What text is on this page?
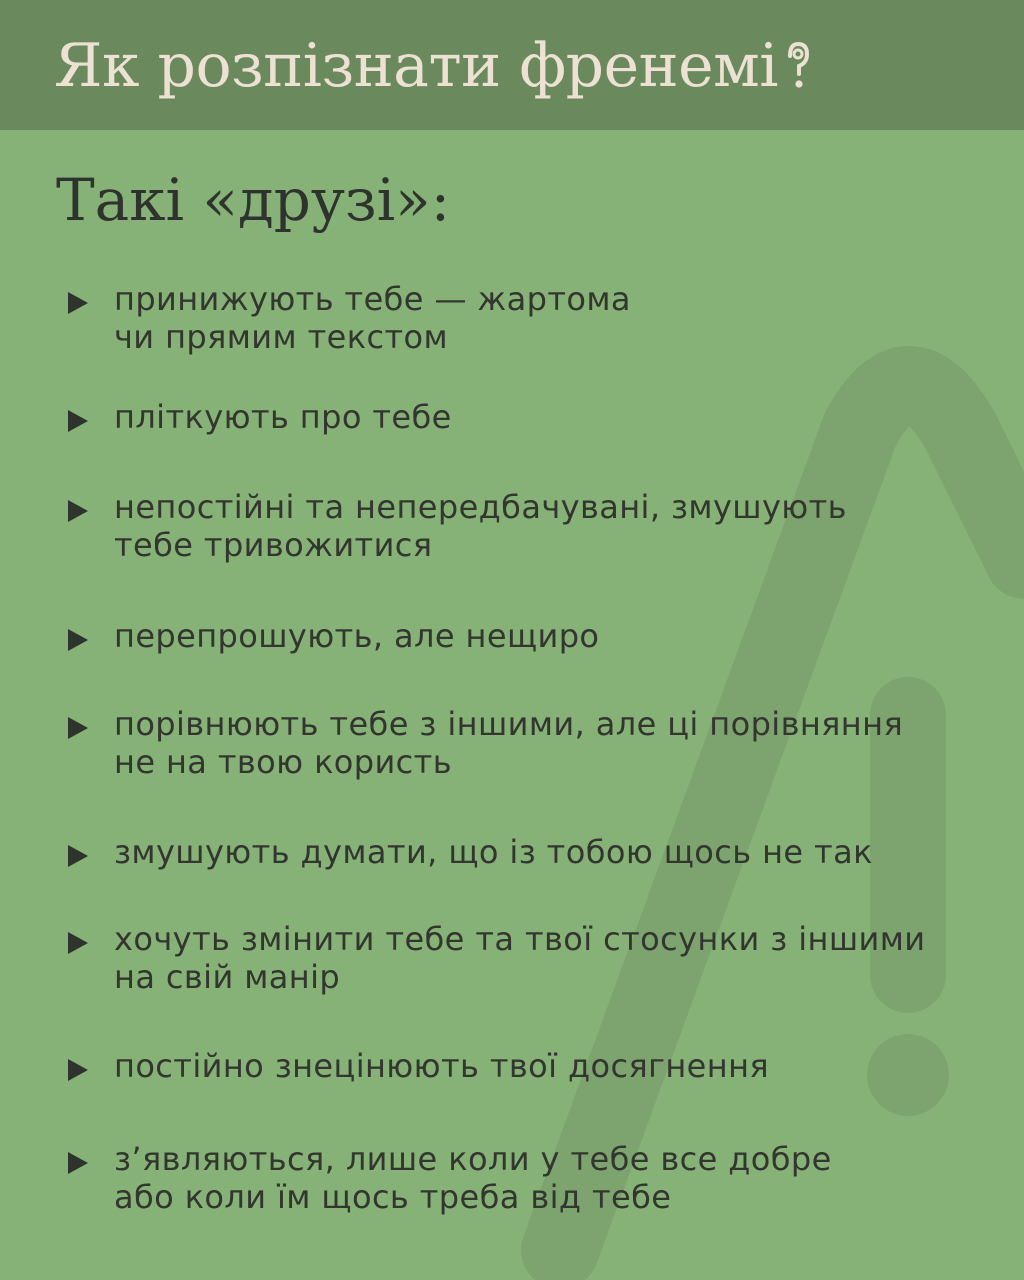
Як розпізнати френемі
Такі «друзі»:
принижують тебе — жартома
чи прямим текстом
пліткують про тебе
непостійні та непередбачувані, змушують
тебе тривожитися
перепрошують, але нещиро
порівнюють тебе з іншими, але ці порівняння
не на твою користь
змушують думати, що із тобою щось не так
хочуть змінити тебе та твої стосунки з іншими
на свій манір
постійно знецінюють твої досягнення
з’являються, лише коли у тебе все добре
або коли їм щось треба від тебе
